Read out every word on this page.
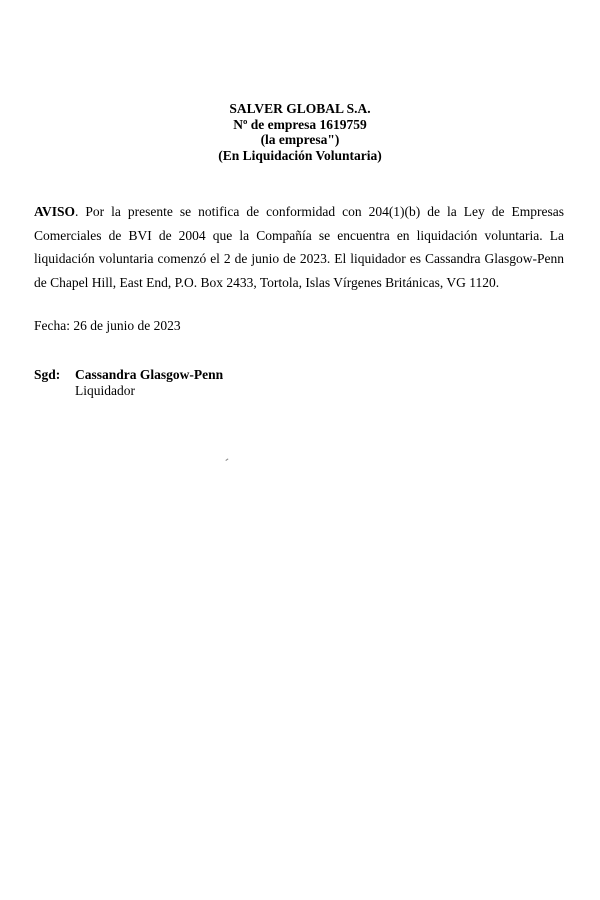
SALVER GLOBAL S.A.
Nº de empresa 1619759
(la empresa")
(En Liquidación Voluntaria)
AVISO. Por la presente se notifica de conformidad con 204(1)(b) de la Ley de Empresas Comerciales de BVI de 2004 que la Compañía se encuentra en liquidación voluntaria. La liquidación voluntaria comenzó el 2 de junio de 2023. El liquidador es Cassandra Glasgow-Penn de Chapel Hill, East End, P.O. Box 2433, Tortola, Islas Vírgenes Británicas, VG 1120.
Fecha: 26 de junio de 2023
Sgd: Cassandra Glasgow-Penn
Liquidador
